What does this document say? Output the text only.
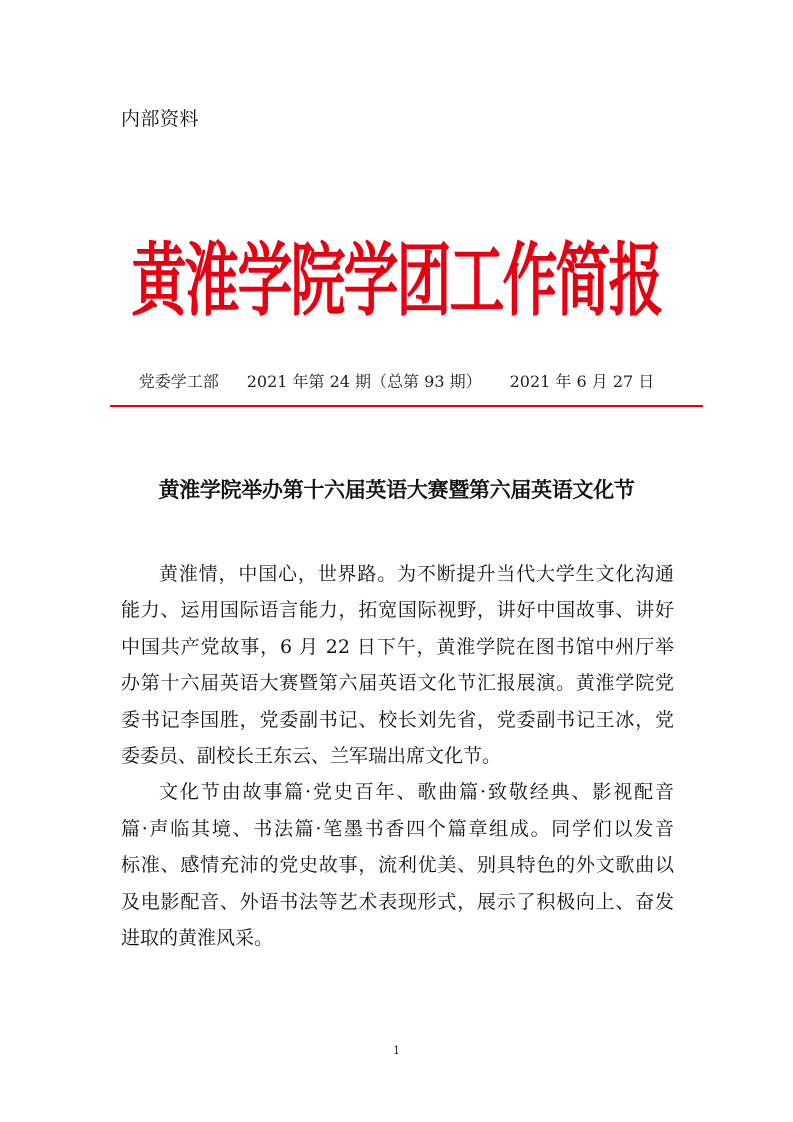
内部资料
黄淮学院学团工作简报
党委学工部 2021 年第 24 期（总第 93 期） 2021 年 6 月 27 日
黄淮学院举办第十六届英语大赛暨第六届英语文化节
黄淮情，中国心，世界路。为不断提升当代大学生文化沟通
能力、运用国际语言能力，拓宽国际视野，讲好中国故事、讲好
中国共产党故事，6 月 22 日下午，黄淮学院在图书馆中州厅举
办第十六届英语大赛暨第六届英语文化节汇报展演。黄淮学院党
委书记李国胜，党委副书记、校长刘先省，党委副书记王冰，党
委委员、副校长王东云、兰军瑞出席文化节。
文化节由故事篇·党史百年、歌曲篇·致敬经典、影视配音
篇·声临其境、书法篇·笔墨书香四个篇章组成。同学们以发音
标准、感情充沛的党史故事，流利优美、别具特色的外文歌曲以
及电影配音、外语书法等艺术表现形式，展示了积极向上、奋发
进取的黄淮风采。
1
